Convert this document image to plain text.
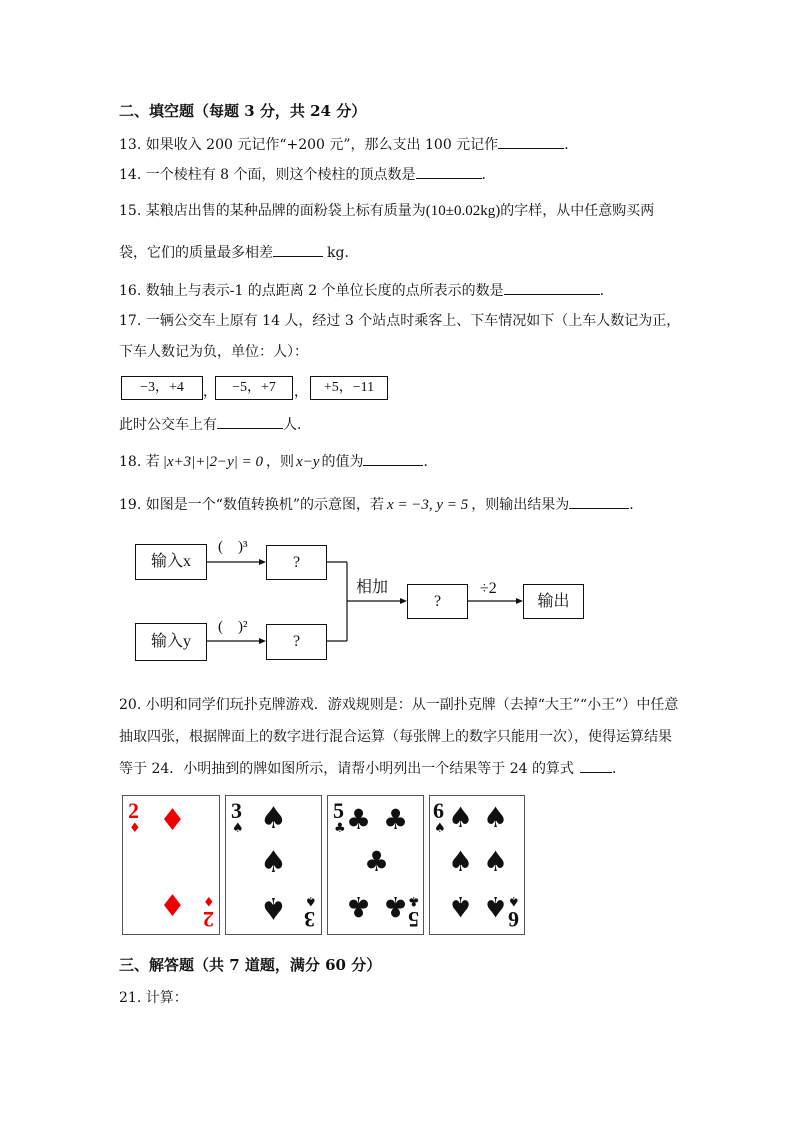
二、填空题（每题 3 分，共 24 分）
13. 如果收入 200 元记作“+200 元”，那么支出 100 元记作	．
14. 一个棱柱有 8 个面，则这个棱柱的顶点数是	．
15. 某粮店出售的某种品牌的面粉袋上标有质量为(10±0.02kg)的字样，从中任意购买两
袋，它们的质量最多相差	kg．
16. 数轴上与表示-1 的点距离 2 个单位长度的点所表示的数是	.
17. 一辆公交车上原有 14 人，经过 3 个站点时乘客上、下车情况如下（上车人数记为正，
下车人数记为负，单位：人）：
−3，+4	，	−5，+7	，	+5，−11
此时公交车上有	人．
18. 若 |x+3|+|2−y| = 0 ，则 x−y 的值为	．
19. 如图是一个“数值转换机”的示意图，若 x = −3, y = 5 ，则输出结果为	．
输入x
输入y
?
?
?	输出
(　)³
(　)²
相加	÷2
20. 小明和同学们玩扑克牌游戏．游戏规则是：从一副扑克牌（去掉“大王”“小王”）中任意
抽取四张，根据牌面上的数字进行混合运算（每张牌上的数字只能用一次），使得运算结果
等于 24．小明抽到的牌如图所示，请帮小明列出一个结果等于 24 的算式	．
2
♦ ♦
♦ ♦
2
3
♠ ♠
♠
♠ ♠
3
5
♣ ♣ ♣
♣
♣ ♣ ♣
5
6
♠ ♠ ♠
♠ ♠
♠ ♠ ♠
6
三、解答题（共 7 道题，满分 60 分）
21. 计算：
